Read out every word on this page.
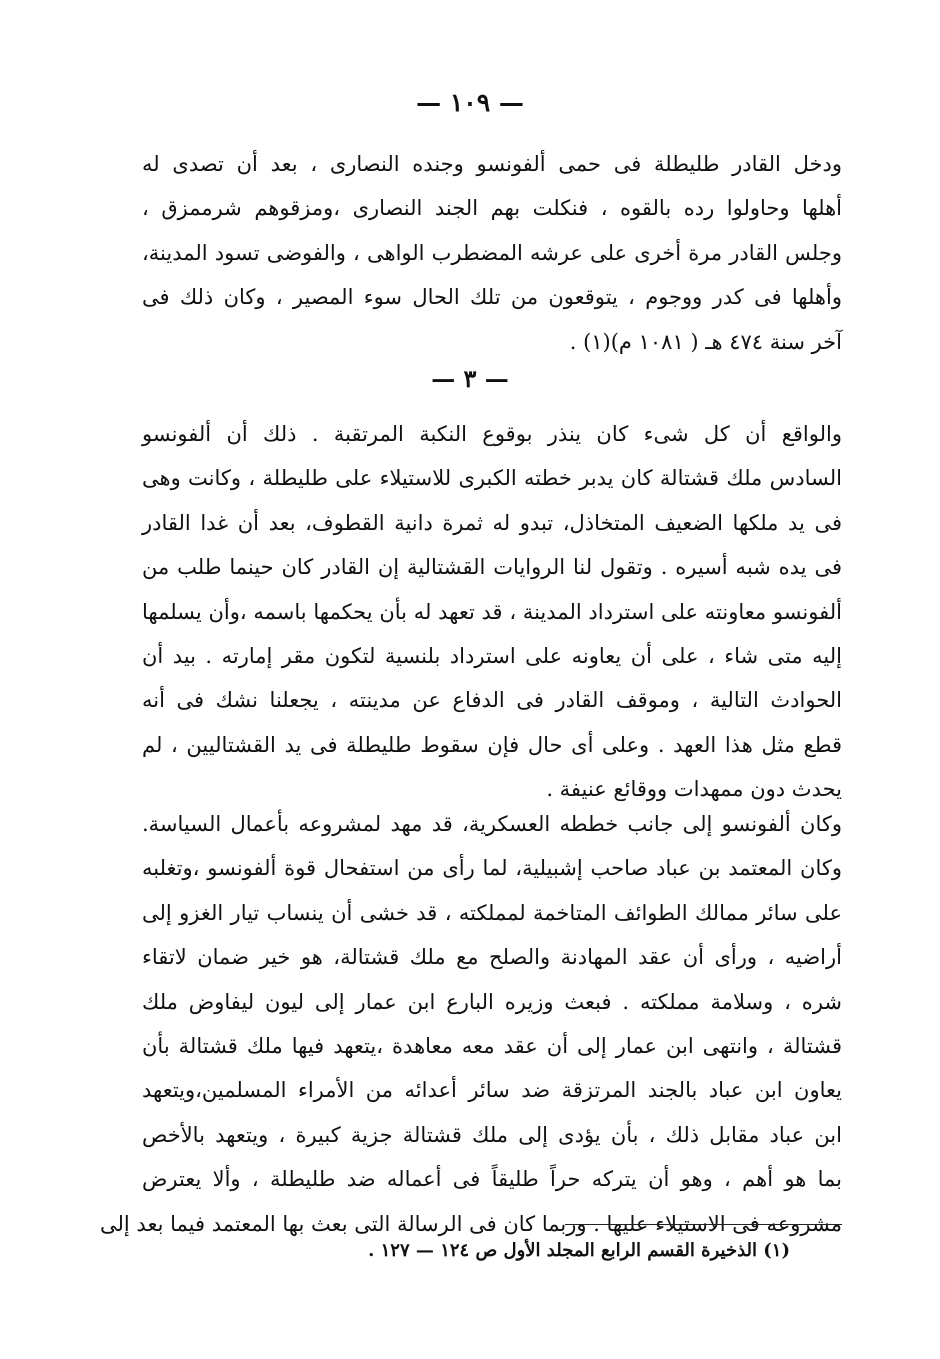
— ١٠٩ —

ودخل القادر طليطلة فى حمى ألفونسو وجنده النصارى ، بعد أن تصدى له
أهلها وحاولوا رده بالقوه ، فنكلت بهم الجند النصارى ،ومزقوهم شرممزق ،
وجلس القادر مرة أخرى على عرشه المضطرب الواهى ، والفوضى تسود المدينة،
وأهلها فى كدر ووجوم ، يتوقعون من تلك الحال سوء المصير ، وكان ذلك فى
آخر سنة ٤٧٤ هـ ( ١٠٨١ م)(١) .

— ٣ —

والواقع أن كل شىء كان ينذر بوقوع النكبة المرتقبة . ذلك أن ألفونسو
السادس ملك قشتالة كان يدبر خطته الكبرى للاستيلاء على طليطلة ، وكانت وهى
فى يد ملكها الضعيف المتخاذل، تبدو له ثمرة دانية القطوف، بعد أن غدا القادر
فى يده شبه أسيره . وتقول لنا الروايات القشتالية إن القادر كان حينما طلب من
ألفونسو معاونته على استرداد المدينة ، قد تعهد له بأن يحكمها باسمه ،وأن يسلمها
إليه متى شاء ، على أن يعاونه على استرداد بلنسية لتكون مقر إمارته . بيد أن
الحوادث التالية ، وموقف القادر فى الدفاع عن مدينته ، يجعلنا نشك فى أنه
قطع مثل هذا العهد . وعلى أى حال فإن سقوط طليطلة فى يد القشتاليين ، لم
يحدث دون ممهدات ووقائع عنيفة .

وكان ألفونسو إلى جانب خططه العسكرية، قد مهد لمشروعه بأعمال السياسة.
وكان المعتمد بن عباد صاحب إشبيلية، لما رأى من استفحال قوة ألفونسو ،وتغلبه
على سائر ممالك الطوائف المتاخمة لمملكته ، قد خشى أن ينساب تيار الغزو إلى
أراضيه ، ورأى أن عقد المهادنة والصلح مع ملك قشتالة، هو خير ضمان لاتقاء
شره ، وسلامة مملكته . فبعث وزيره البارع ابن عمار إلى ليون ليفاوض ملك
قشتالة ، وانتهى ابن عمار إلى أن عقد معه معاهدة ،يتعهد فيها ملك قشتالة بأن
يعاون ابن عباد بالجند المرتزقة ضد سائر أعدائه من الأمراء المسلمين،ويتعهد
ابن عباد مقابل ذلك ، بأن يؤدى إلى ملك قشتالة جزية كبيرة ، ويتعهد بالأخص
بما هو أهم ، وهو أن يتركه حراً طليقاً فى أعماله ضد طليطلة ، وألا يعترض
مشروعه فى الاستيلاء عليها . وربما كان فى الرسالة التى بعث بها المعتمد فيما بعد إلى

(١) الذخيرة القسم الرابع المجلد الأول ص ١٢٤ — ١٢٧ .
